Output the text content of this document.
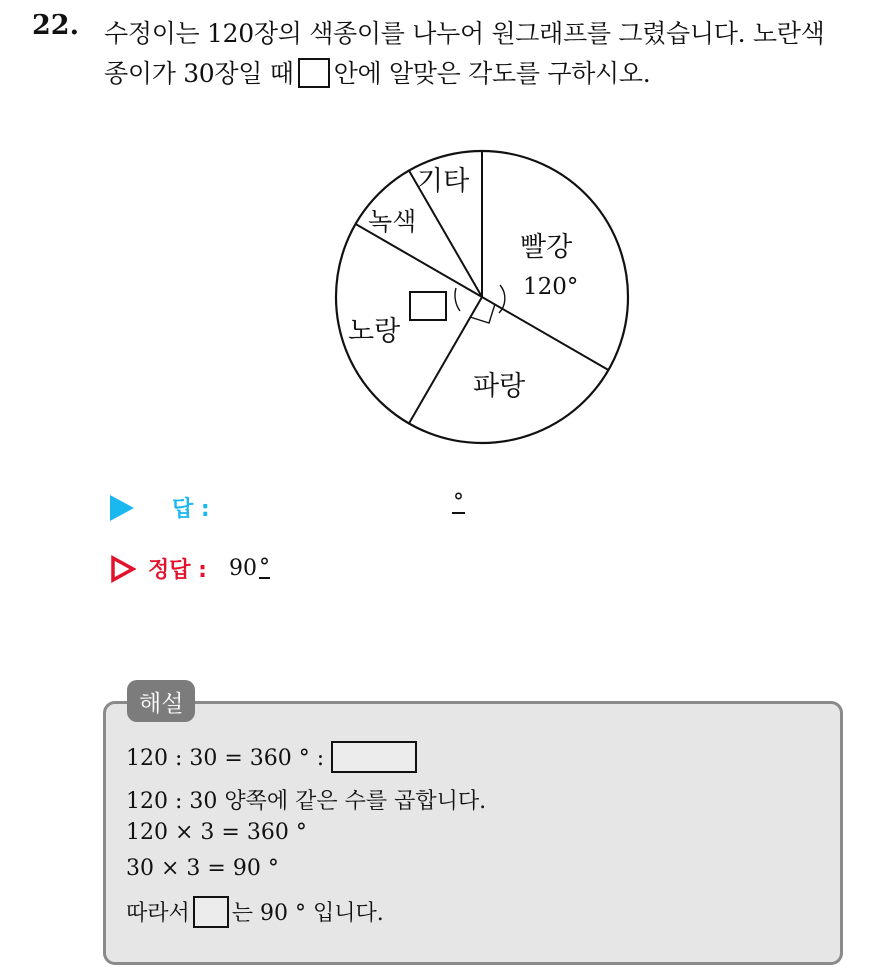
22. 수정이는 120장의 색종이를 나누어 원그래프를 그렸습니다. 노란색
종이가 30장일 때 안에 알맞은 각도를 구하시오.
빨강
120°
파랑
노랑
녹색
기타
답 :	°
정답 : 90 °
해설
120 : 30 = 360 ° :
120 : 30 양쪽에 같은 수를 곱합니다.
120 × 3 = 360 °
30 × 3 = 90 °
따라서 는 90 ° 입니다.
